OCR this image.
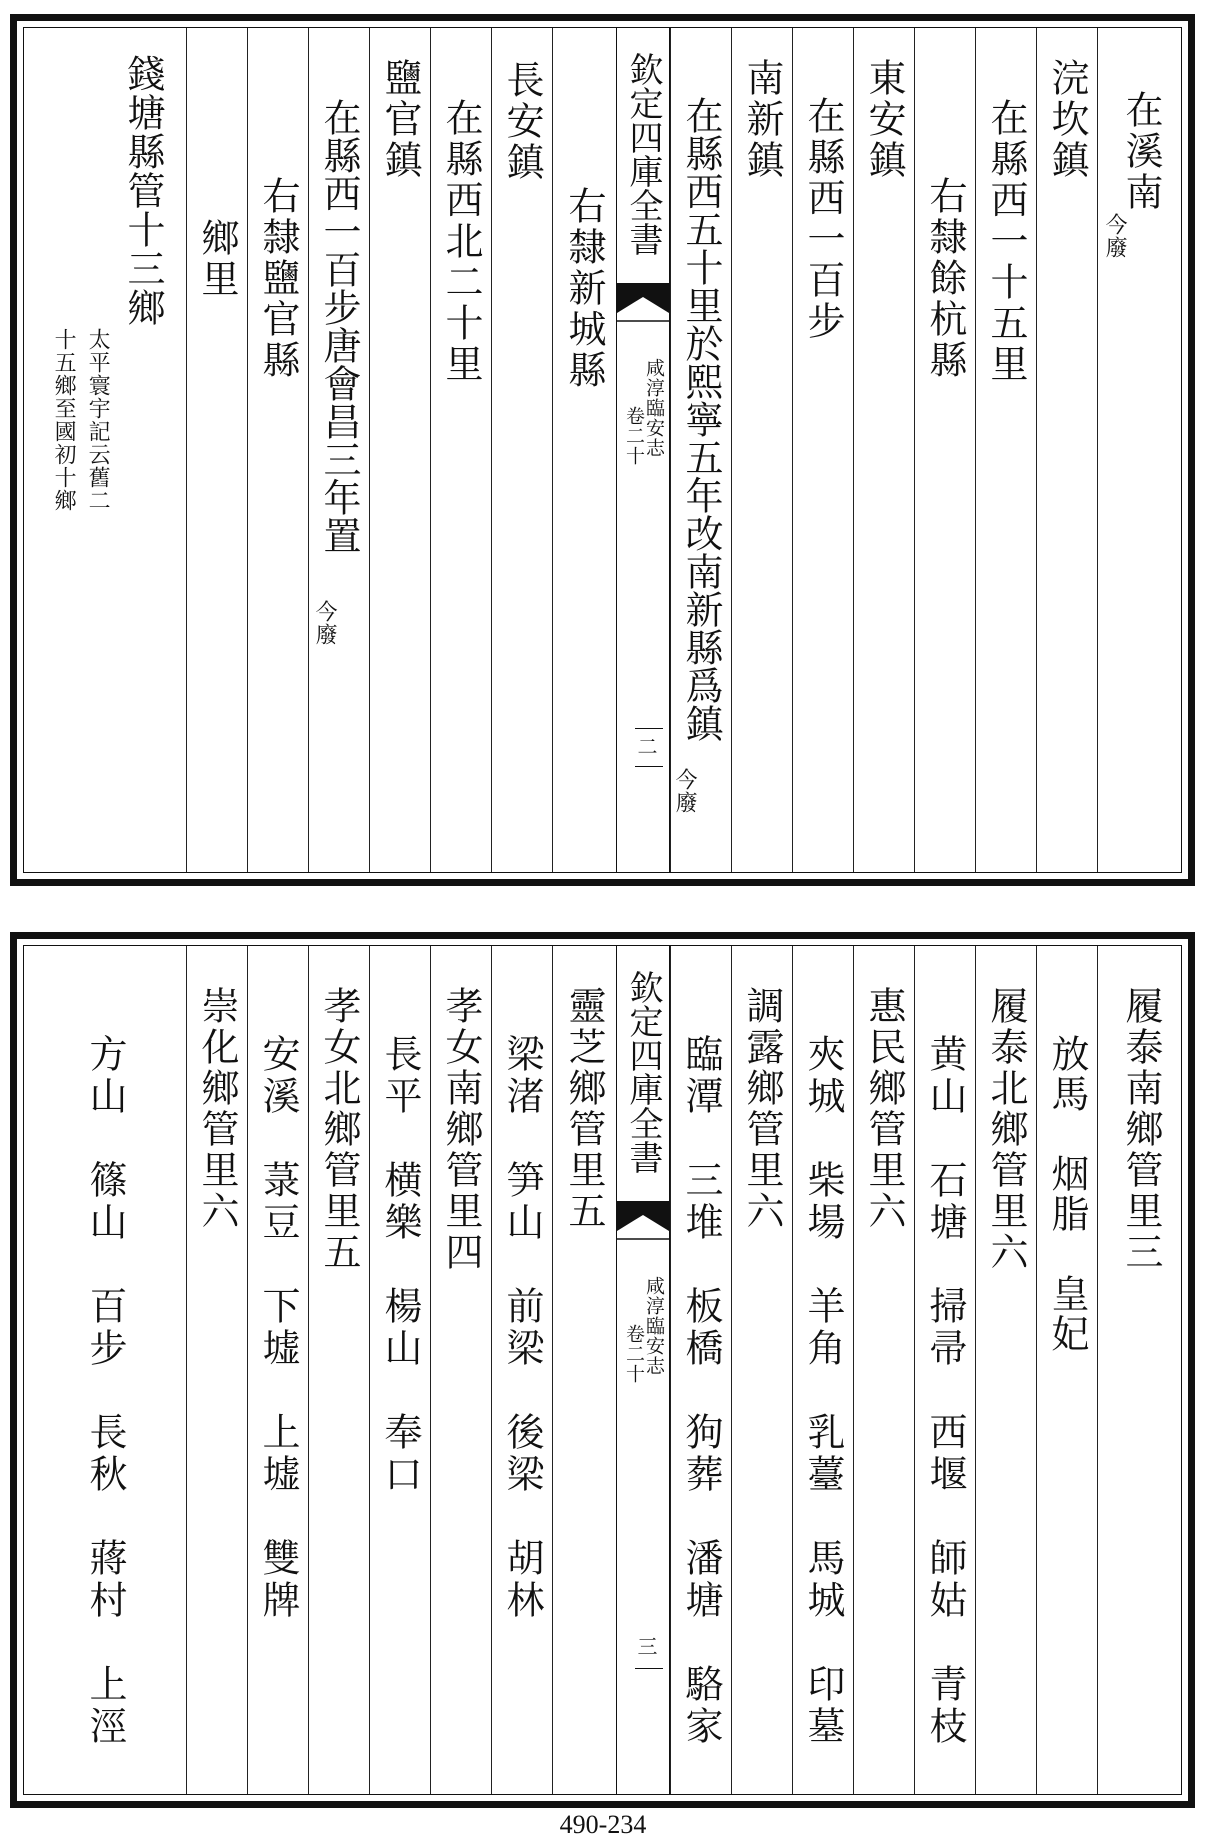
在溪南
今廢
浣坎鎮
在縣西一十五里
右隸餘杭縣
東安鎮
在縣西一百步
南新鎮
在縣西五十里於熙寧五年改南新縣爲鎮
今廢
欽定四庫全書
咸淳臨安志
卷二十
二
右隸新城縣
長安鎮
在縣西北二十里
鹽官鎮
在縣西一百步唐會昌三年置
今廢
右隸鹽官縣
鄉里
錢塘縣管十三鄉
太平寰宇記云舊二
十五鄉至國初十鄉
履泰南鄉管里三
放馬　烟脂　皇妃
履泰北鄉管里六
黄山　石塘　掃帚　西堰　師姑　青枝
惠民鄉管里六
夾城　柴場　羊角　乳薹　馬城　印墓
調露鄉管里六
臨潭　三堆　板橋　狗葬　潘塘　駱家
欽定四庫全書
咸淳臨安志
卷二十
三
靈芝鄉管里五
梁渚　笋山　前梁　後梁　胡林
孝女南鄉管里四
長平　横樂　楊山　奉口
孝女北鄉管里五
安溪　菉豆　下墟　上墟　雙牌
崇化鄉管里六
方山　篠山　百步　長秋　蔣村　上涇
490-234
